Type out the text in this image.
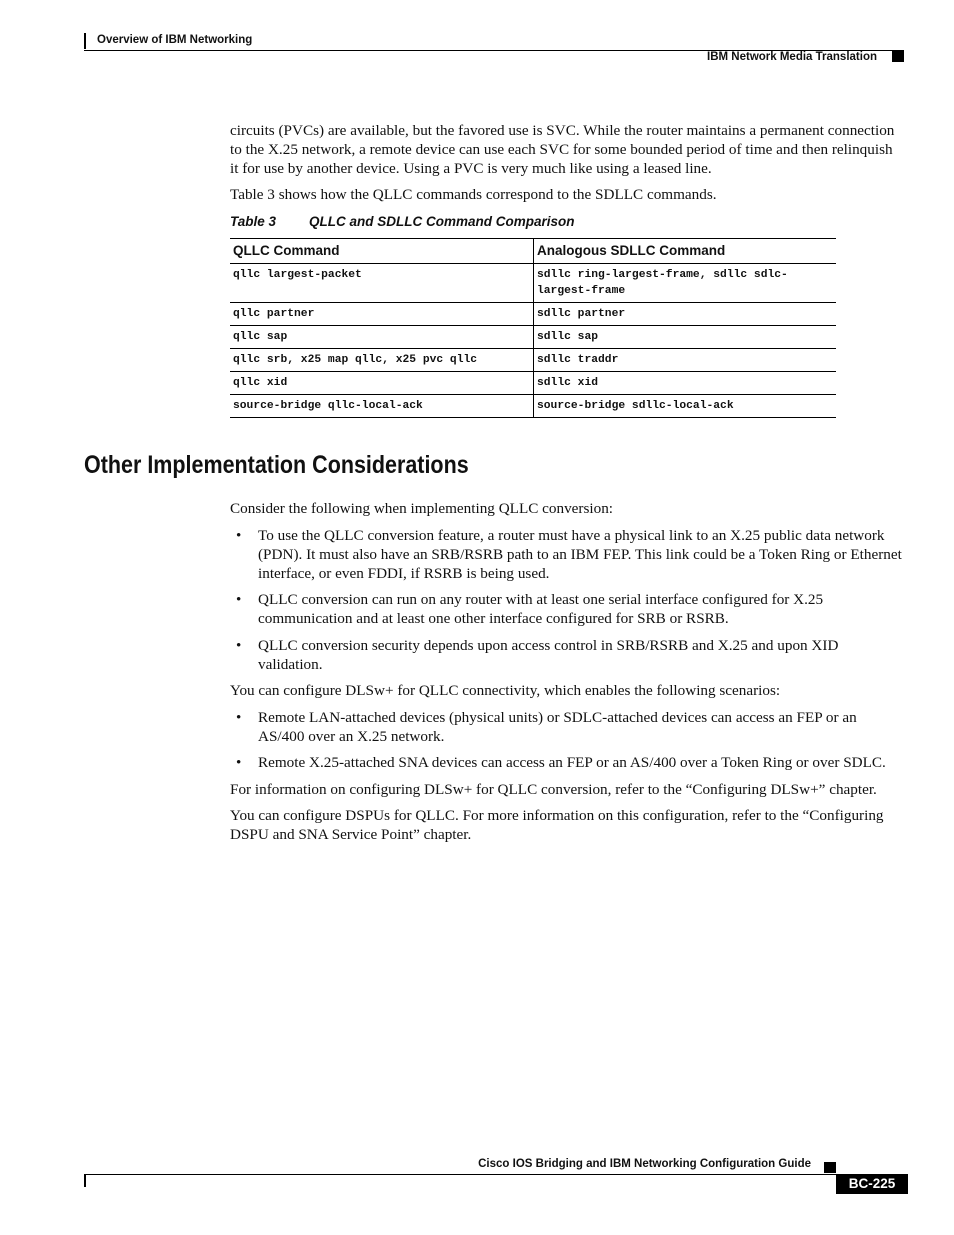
Overview of IBM Networking
IBM Network Media Translation

circuits (PVCs) are available, but the favored use is SVC. While the router maintains a permanent connection to the X.25 network, a remote device can use each SVC for some bounded period of time and then relinquish it for use by another device. Using a PVC is very much like using a leased line.

Table 3 shows how the QLLC commands correspond to the SDLLC commands.

Table 3 QLLC and SDLLC Command Comparison
QLLC Command	Analogous SDLLC Command
qllc largest-packet	sdllc ring-largest-frame, sdllc sdlc-largest-frame
qllc partner	sdllc partner
qllc sap	sdllc sap
qllc srb, x25 map qllc, x25 pvc qllc	sdllc traddr
qllc xid	sdllc xid
source-bridge qllc-local-ack	source-bridge sdllc-local-ack
Other Implementation Considerations

Consider the following when implementing QLLC conversion:

• To use the QLLC conversion feature, a router must have a physical link to an X.25 public data network (PDN). It must also have an SRB/RSRB path to an IBM FEP. This link could be a Token Ring or Ethernet interface, or even FDDI, if RSRB is being used.
• QLLC conversion can run on any router with at least one serial interface configured for X.25 communication and at least one other interface configured for SRB or RSRB.
• QLLC conversion security depends upon access control in SRB/RSRB and X.25 and upon XID validation.

You can configure DLSw+ for QLLC connectivity, which enables the following scenarios:

• Remote LAN-attached devices (physical units) or SDLC-attached devices can access an FEP or an AS/400 over an X.25 network.
• Remote X.25-attached SNA devices can access an FEP or an AS/400 over a Token Ring or over SDLC.

For information on configuring DLSw+ for QLLC conversion, refer to the “Configuring DLSw+” chapter.

You can configure DSPUs for QLLC. For more information on this configuration, refer to the “Configuring DSPU and SNA Service Point” chapter.

Cisco IOS Bridging and IBM Networking Configuration Guide
BC-225
